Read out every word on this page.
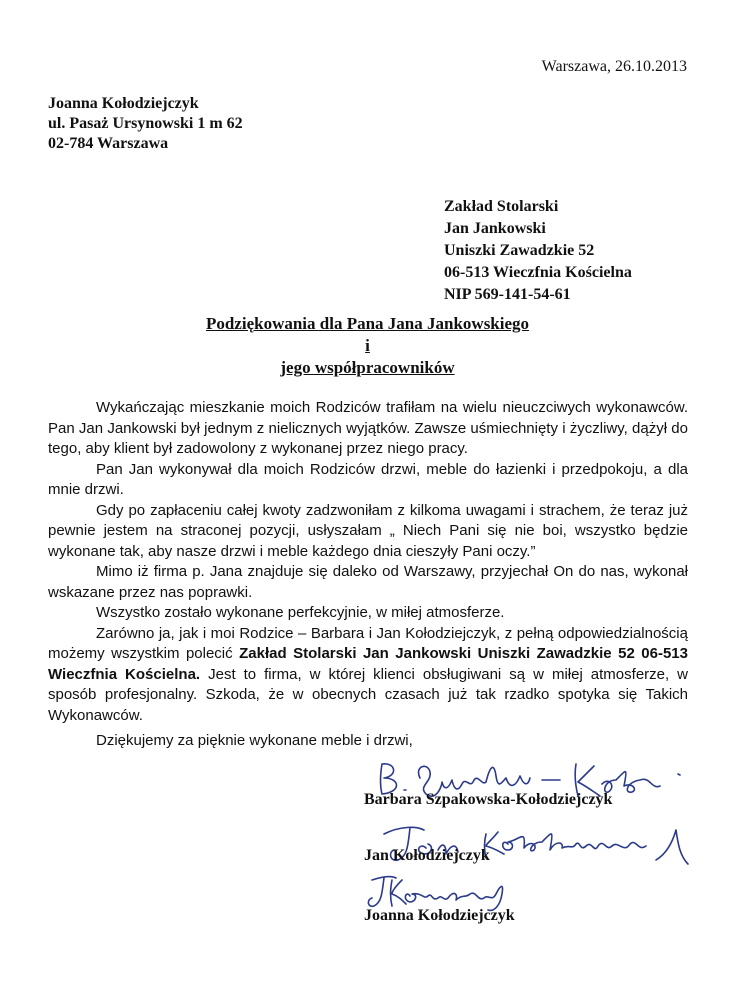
Warszawa, 26.10.2013
Joanna Kołodziejczyk
ul. Pasaż Ursynowski 1 m 62
02-784 Warszawa
Zakład Stolarski
Jan Jankowski
Uniszki Zawadzkie 52
06-513 Wieczfnia Kościelna
NIP 569-141-54-61
Podziękowania dla Pana Jana Jankowskiego
i
jego współpracowników

Wykańczając mieszkanie moich Rodziców trafiłam na wielu nieuczciwych wykonawców. Pan Jan Jankowski był jednym z nielicznych wyjątków. Zawsze uśmiechnięty i życzliwy, dążył do tego, aby klient był zadowolony z wykonanej przez niego pracy.

Pan Jan wykonywał dla moich Rodziców drzwi, meble do łazienki i przedpokoju, a dla mnie drzwi.

Gdy po zapłaceniu całej kwoty zadzwoniłam z kilkoma uwagami i strachem, że teraz już pewnie jestem na straconej pozycji, usłyszałam „ Niech Pani się nie boi, wszystko będzie wykonane tak, aby nasze drzwi i meble każdego dnia cieszyły Pani oczy.”

Mimo iż firma p. Jana znajduje się daleko od Warszawy, przyjechał On do nas, wykonał wskazane przez nas poprawki.

Wszystko zostało wykonane perfekcyjnie, w miłej atmosferze.

Zarówno ja, jak i moi Rodzice – Barbara i Jan Kołodziejczyk, z pełną odpowiedzialnością możemy wszystkim polecić Zakład Stolarski Jan Jankowski Uniszki Zawadzkie 52 06-513 Wieczfnia Kościelna. Jest to firma, w której klienci obsługiwani są w miłej atmosferze, w sposób profesjonalny. Szkoda, że w obecnych czasach już tak rzadko spotyka się Takich Wykonawców.

Dziękujemy za pięknie wykonane meble i drzwi,
Barbara Szpakowska-Kołodziejczyk
Jan Kołodziejczyk
Joanna Kołodziejczyk
